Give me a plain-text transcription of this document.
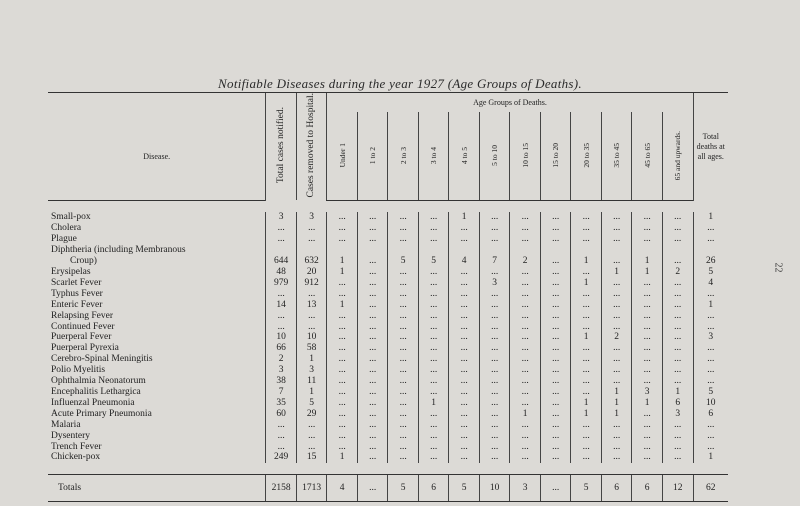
Notifiable Diseases during the year 1927 (Age Groups of Deaths).
	Total cases notified.	Cases removed to Hospital.	Age Groups of Deaths.												Total deaths at all ages.
Disease.			Under 1	1 to 2	2 to 3	3 to 4	4 to 5	5 to 10	10 to 15	15 to 20	20 to 35	35 to 45	45 to 65	65 and upwards.	

Small-pox	3	3	...	...	...	...	1	...	...	...	...	...	...	...	1
Cholera	...	...	...	...	...	...	...	...	...	...	...	...	...	...	...
Plague	...	...	...	...	...	...	...	...	...	...	...	...	...	...	...
Diphtheria (including Membranous															
Croup)	644	632	1	...	5	5	4	7	2	...	1	...	1	...	26
Erysipelas	48	20	1	...	...	...	...	...	...	...	...	1	1	2	5
Scarlet Fever	979	912	...	...	...	...	...	3	...	...	1	...	...	...	4
Typhus Fever	...	...	...	...	...	...	...	...	...	...	...	...	...	...	...
Enteric Fever	14	13	1	...	...	...	...	...	...	...	...	...	...	...	1
Relapsing Fever	...	...	...	...	...	...	...	...	...	...	...	...	...	...	...
Continued Fever	...	...	...	...	...	...	...	...	...	...	...	...	...	...	...
Puerperal Fever	10	10	...	...	...	...	...	...	...	...	1	2	...	...	3
Puerperal Pyrexia	66	58	...	...	...	...	...	...	...	...	...	...	...	...	...
Cerebro-Spinal Meningitis	2	1	...	...	...	...	...	...	...	...	...	...	...	...	...
Polio Myelitis	3	3	...	...	...	...	...	...	...	...	...	...	...	...	...
Ophthalmia Neonatorum	38	11	...	...	...	...	...	...	...	...	...	...	...	...	...
Encephalitis Lethargica	7	1	...	...	...	...	...	...	...	...	...	1	3	1	5
Influenzal Pneumonia	35	5	...	...	...	1	...	...	...	...	1	1	1	6	10
Acute Primary Pneumonia	60	29	...	...	...	...	...	...	1	...	1	1	...	3	6
Malaria	...	...	...	...	...	...	...	...	...	...	...	...	...	...	...
Dysentery	...	...	...	...	...	...	...	...	...	...	...	...	...	...	...
Trench Fever	...	...	...	...	...	...	...	...	...	...	...	...	...	...	...
Chicken-pox	249	15	1	...	...	...	...	...	...	...	...	...	...	...	1

Totals	2158	1713	4	...	5	6	5	10	3	...	5	6	6	12	62
22
